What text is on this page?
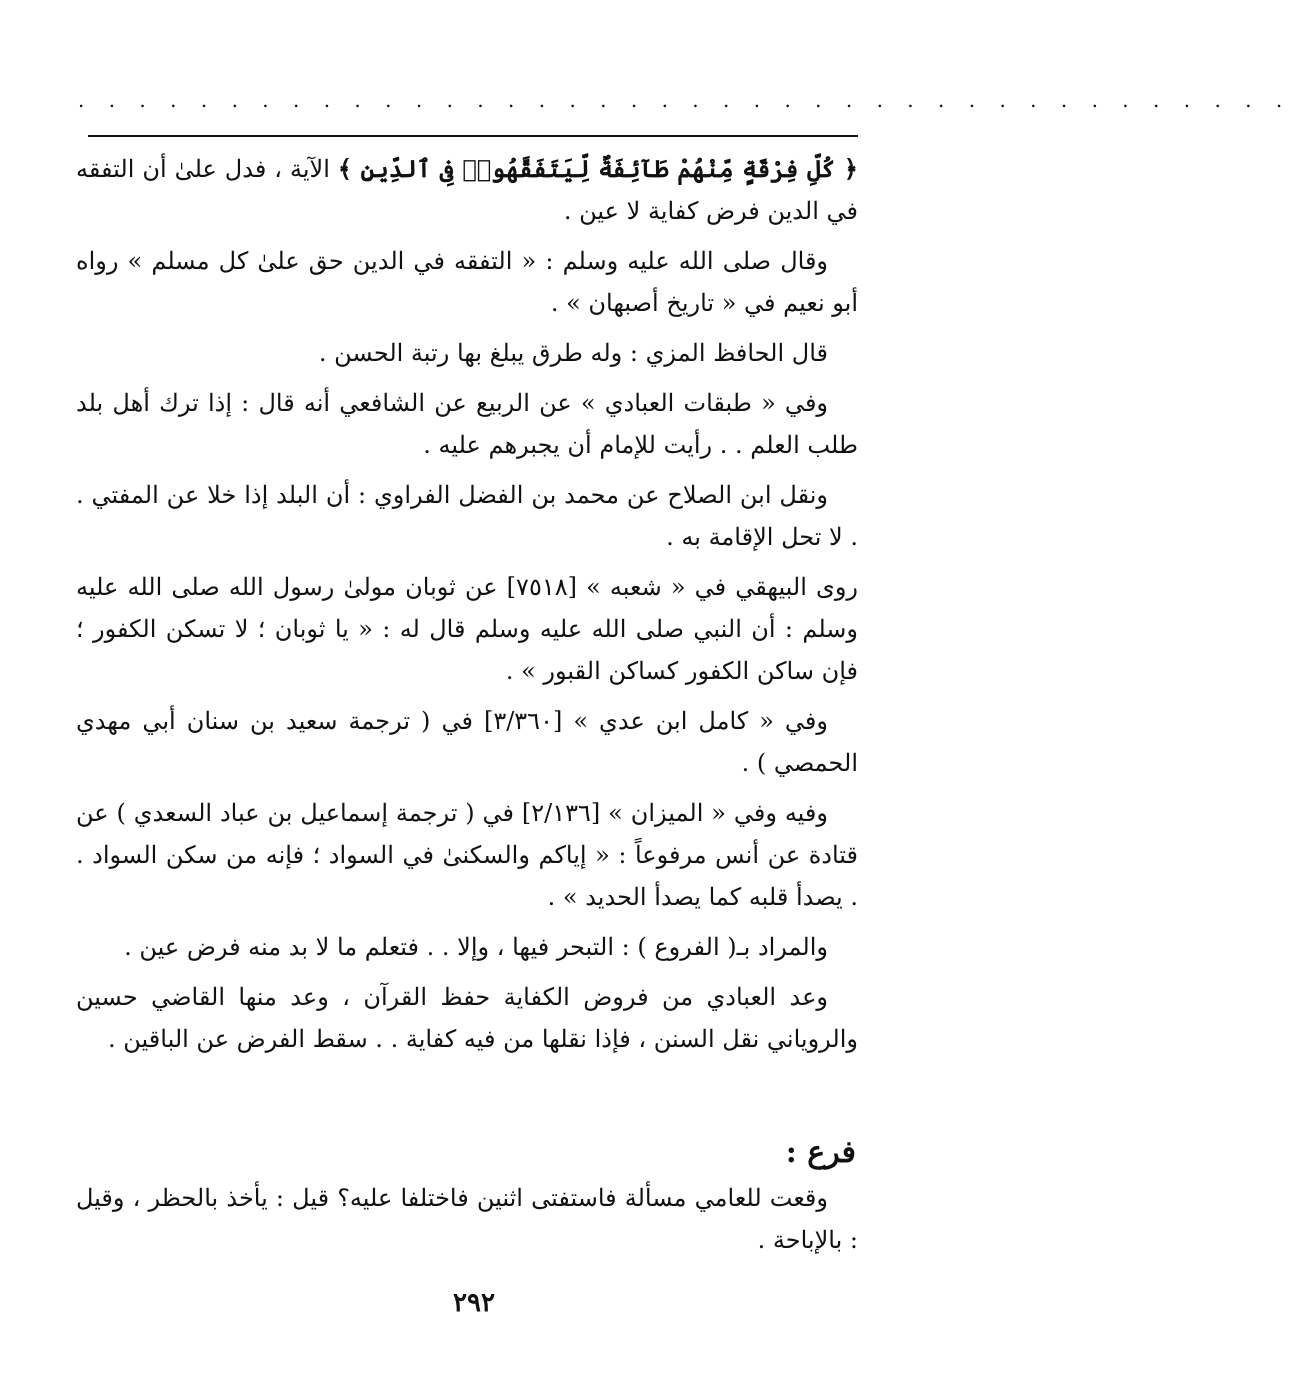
. . . . . . . . . . . . . . . . . . . . . . . . . . . . . . . . . . . . . . . .

﴿ كُلِّ فِرْقَةٍ مِّنْهُمْ طَآئِفَةٌ لِّيَتَفَقَّهُوا۟ فِى ٱلدِّينِ ﴾ الآية ، فدل علىٰ أن التفقه في الدين فرض كفاية لا عين .

وقال صلى الله عليه وسلم : « التفقه في الدين حق علىٰ كل مسلم » رواه أبو نعيم في « تاريخ أصبهان » .

قال الحافظ المزي : وله طرق يبلغ بها رتبة الحسن .

وفي « طبقات العبادي » عن الربيع عن الشافعي أنه قال : إذا ترك أهل بلد طلب العلم . . رأيت للإمام أن يجبرهم عليه .

ونقل ابن الصلاح عن محمد بن الفضل الفراوي : أن البلد إذا خلا عن المفتي . . لا تحل الإقامة به .

روى البيهقي في « شعبه » [٧٥١٨] عن ثوبان مولىٰ رسول الله صلى الله عليه وسلم : أن النبي صلى الله عليه وسلم قال له : « يا ثوبان ؛ لا تسكن الكفور ؛ فإن ساكن الكفور كساكن القبور » .

وفي « كامل ابن عدي » [٣/٣٦٠] في ( ترجمة سعيد بن سنان أبي مهدي الحمصي ) .

وفيه وفي « الميزان » [٢/١٣٦] في ( ترجمة إسماعيل بن عباد السعدي ) عن قتادة عن أنس مرفوعاً : « إياكم والسكنىٰ في السواد ؛ فإنه من سكن السواد . . يصدأ قلبه كما يصدأ الحديد » .

والمراد بـ( الفروع ) : التبحر فيها ، وإلا . . فتعلم ما لا بد منه فرض عين .

وعد العبادي من فروض الكفاية حفظ القرآن ، وعد منها القاضي حسين والروياني نقل السنن ، فإذا نقلها من فيه كفاية . . سقط الفرض عن الباقين .

فرع :

وقعت للعامي مسألة فاستفتى اثنين فاختلفا عليه؟ قيل : يأخذ بالحظر ، وقيل : بالإباحة .

٢٩٢
